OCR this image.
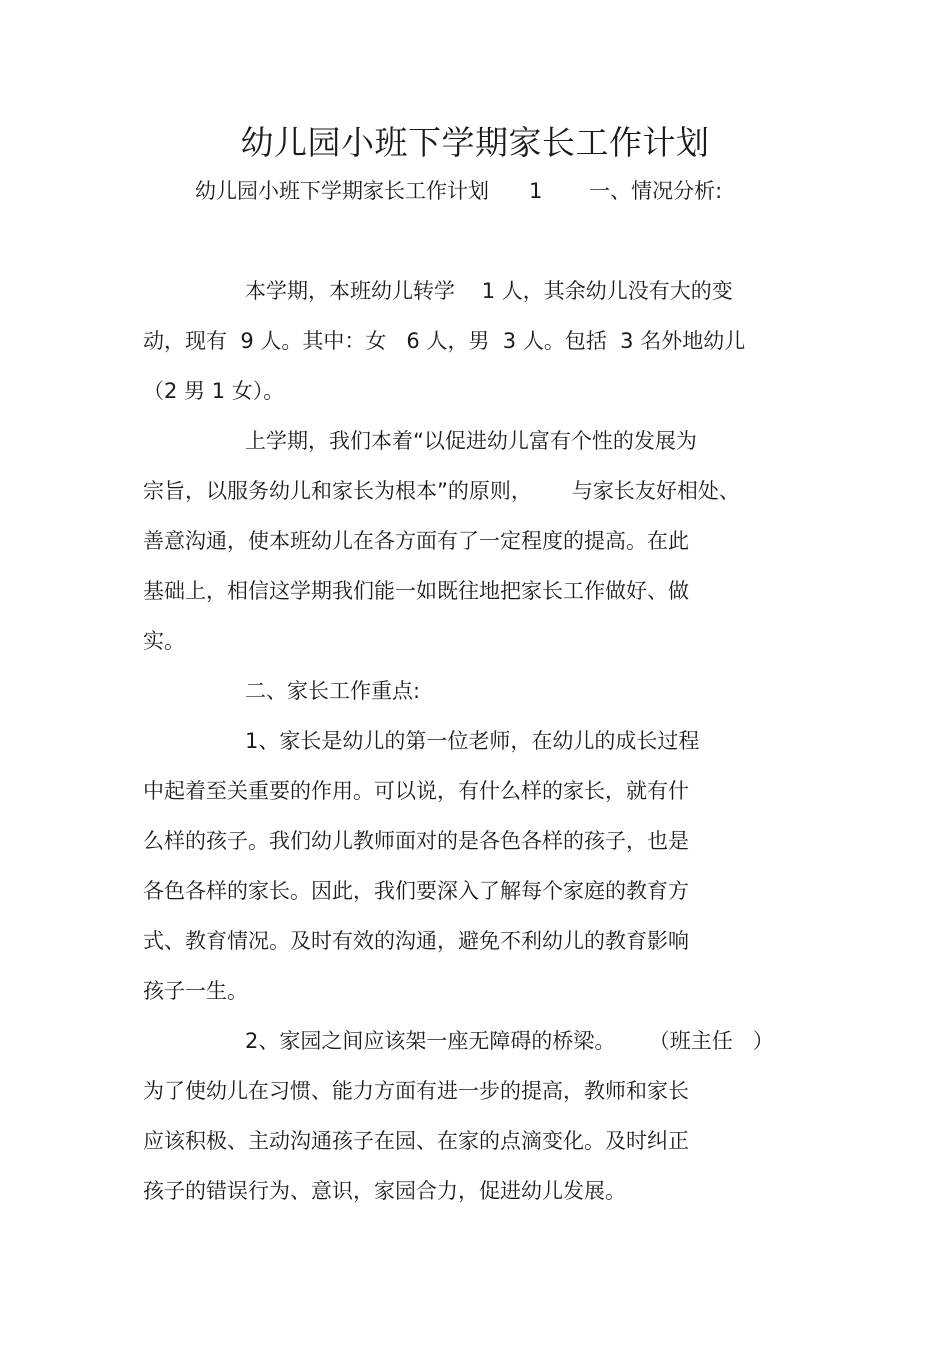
幼儿园小班下学期家长工作计划
幼儿园小班下学期家长工作计划      1       一、情况分析:
本学期，本班幼儿转学    1 人，其余幼儿没有大的变
动，现有  9 人。其中：女   6 人，男  3 人。包括  3 名外地幼儿
（2 男 1 女）。
上学期，我们本着“以促进幼儿富有个性的发展为
宗旨，以服务幼儿和家长为根本”的原则，      与家长友好相处、
善意沟通，使本班幼儿在各方面有了一定程度的提高。在此
基础上，相信这学期我们能一如既往地把家长工作做好、做
实。
二、家长工作重点:
1、家长是幼儿的第一位老师，在幼儿的成长过程
中起着至关重要的作用。可以说，有什么样的家长，就有什
么样的孩子。我们幼儿教师面对的是各色各样的孩子，也是
各色各样的家长。因此，我们要深入了解每个家庭的教育方
式、教育情况。及时有效的沟通，避免不利幼儿的教育影响
孩子一生。
2、家园之间应该架一座无障碍的桥梁。     （班主任   ）
为了使幼儿在习惯、能力方面有进一步的提高，教师和家长
应该积极、主动沟通孩子在园、在家的点滴变化。及时纠正
孩子的错误行为、意识，家园合力，促进幼儿发展。
